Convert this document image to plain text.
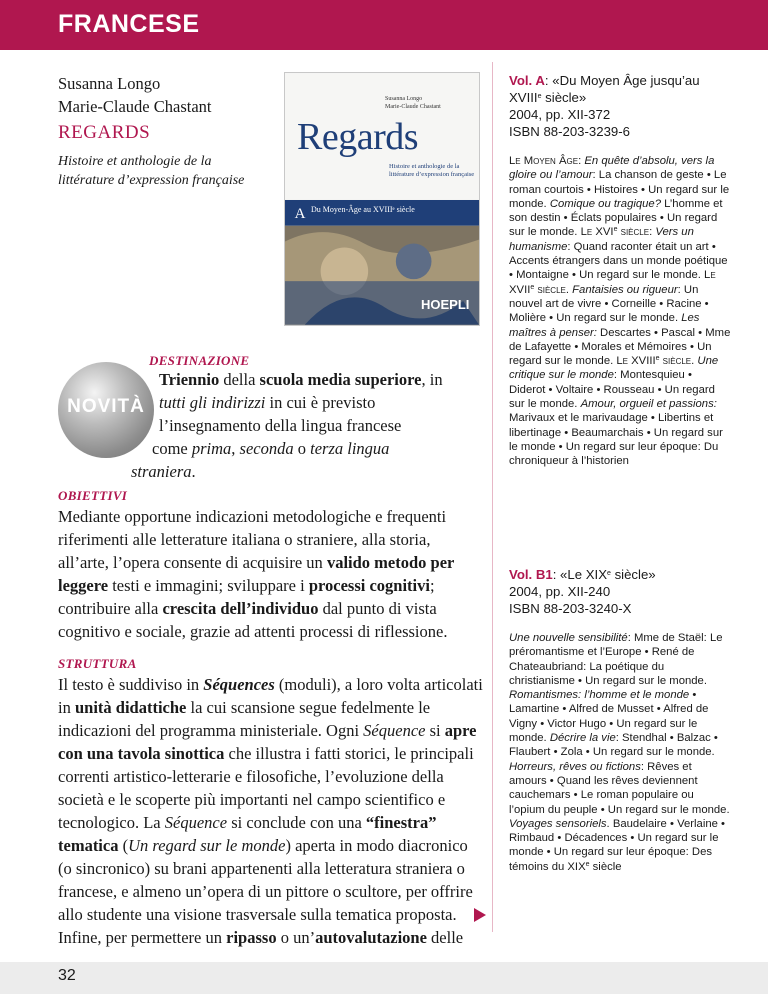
FRANCESE
Susanna Longo
Marie-Claude Chastant
REGARDS
Histoire et anthologie de la littérature d’expression française
Susanna Longo
Marie-Claude Chastant
Regards
Histoire et anthologie de la littérature d’expression française
A Du Moyen-Âge au XVIIIᵉ siècle
HOEPLI
NOVITÀ
DESTINAZIONE
Triennio della scuola media superiore, in
tutti gli indirizzi in cui è previsto
l’insegnamento della lingua francese
come prima, seconda o terza lingua
straniera.
OBIETTIVI
Mediante opportune indicazioni metodologiche e frequenti riferimenti alle letterature italiana o straniere, alla storia, all’arte, l’opera consente di acquisire un valido metodo per leggere testi e immagini; sviluppare i processi cognitivi; contribuire alla crescita dell’individuo dal punto di vista cognitivo e sociale, grazie ad attenti processi di riflessione.
STRUTTURA
Il testo è suddiviso in Séquences (moduli), a loro volta articolati in unità didattiche la cui scansione segue fedelmente le indicazioni del programma ministeriale. Ogni Séquence si apre con una tavola sinottica che illustra i fatti storici, le principali correnti artistico-letterarie e filosofiche, l’evoluzione della società e le scoperte più importanti nel campo scientifico e tecnologico. La Séquence si conclude con una “finestra” tematica (Un regard sur le monde) aperta in modo diacronico (o sincronico) su brani appartenenti alla letteratura straniera o francese, e almeno un’opera di un pittore o scultore, per offrire allo studente una visione trasversale sulla tematica proposta. Infine, per permettere un ripasso o un’autovalutazione delle
Vol. A: «Du Moyen Âge jusqu’au XVIIIe siècle»
2004, pp. XII-372
ISBN 88-203-3239-6
Le Moyen Âge: En quête d’absolu, vers la gloire ou l’amour: La chanson de geste • Le roman courtois • Histoires • Un regard sur le monde. Comique ou tragique? L’homme et son destin • Éclats populaires • Un regard sur le monde. Le XVIe siècle: Vers un humanisme: Quand raconter était un art • Accents étrangers dans un monde poétique • Montaigne • Un regard sur le monde. Le XVIIe siècle. Fantaisies ou rigueur: Un nouvel art de vivre • Corneille • Racine • Molière • Un regard sur le monde. Les maîtres à penser: Descartes • Pascal • Mme de Lafayette • Morales et Mémoires • Un regard sur le monde. Le XVIIIe siècle. Une critique sur le monde: Montesquieu • Diderot • Voltaire • Rousseau • Un regard sur le monde. Amour, orgueil et passions: Marivaux et le marivaudage • Libertins et libertinage • Beaumarchais • Un regard sur le monde • Un regard sur leur époque: Du chroniqueur à l’historien
Vol. B1: «Le XIXe siècle»
2004, pp. XII-240
ISBN 88-203-3240-X
Une nouvelle sensibilité: Mme de Staël: Le préromantisme et l’Europe • René de Chateaubriand: La poétique du christianisme • Un regard sur le monde. Romantismes: l’homme et le monde • Lamartine • Alfred de Musset • Alfred de Vigny • Victor Hugo • Un regard sur le monde. Décrire la vie: Stendhal • Balzac • Flaubert • Zola • Un regard sur le monde. Horreurs, rêves ou fictions: Rêves et amours • Quand les rêves deviennent cauchemars • Le roman populaire ou l’opium du peuple • Un regard sur le monde. Voyages sensoriels. Baudelaire • Verlaine • Rimbaud • Décadences • Un regard sur le monde • Un regard sur leur époque: Des témoins du XIXe siècle
32
